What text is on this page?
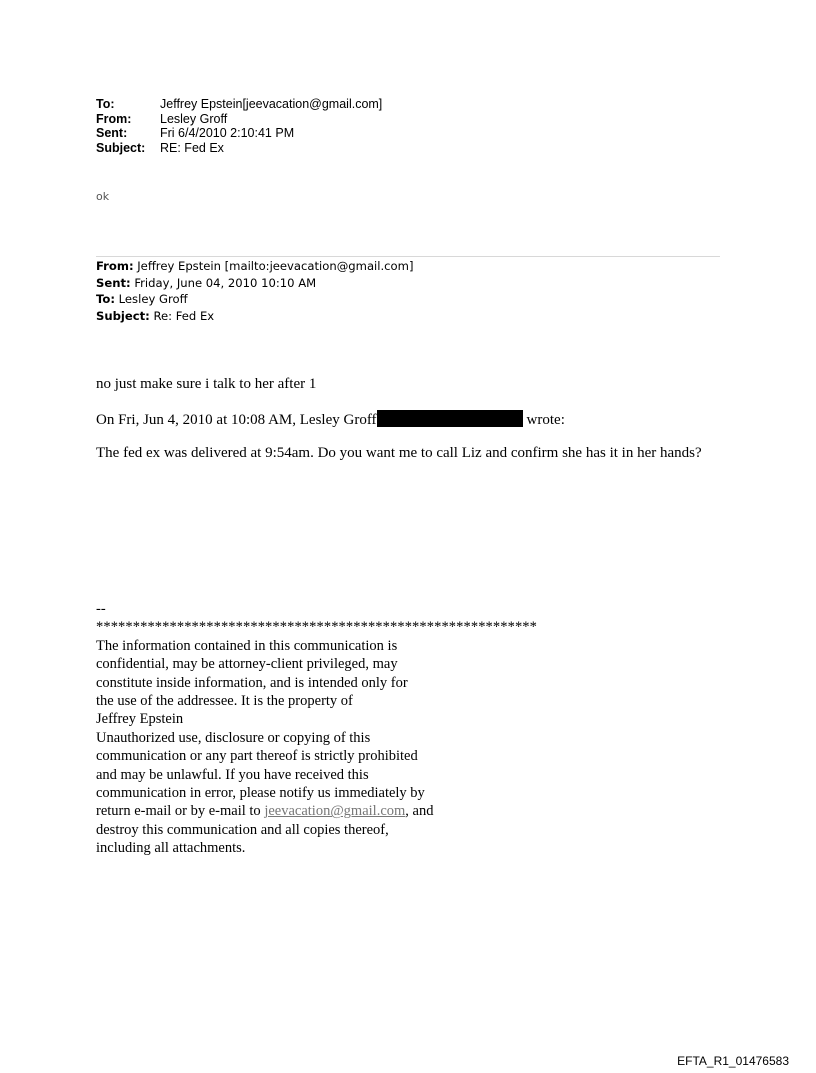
To:	Jeffrey Epstein[jeevacation@gmail.com]
From:	Lesley Groff
Sent:	Fri 6/4/2010 2:10:41 PM
Subject:	RE: Fed Ex
ok
From: Jeffrey Epstein [mailto:jeevacation@gmail.com]
Sent: Friday, June 04, 2010 10:10 AM
To: Lesley Groff
Subject: Re: Fed Ex

no just make sure i talk to her after 1

On Fri, Jun 4, 2010 at 10:08 AM, Lesley Groff	wrote:

The fed ex was delivered at 9:54am. Do you want me to call Liz and confirm she has it in her hands?

--
************************************************************
The information contained in this communication is
confidential, may be attorney-client privileged, may
constitute inside information, and is intended only for
the use of the addressee. It is the property of
Jeffrey Epstein
Unauthorized use, disclosure or copying of this
communication or any part thereof is strictly prohibited
and may be unlawful. If you have received this
communication in error, please notify us immediately by
return e-mail or by e-mail to jeevacation@gmail.com, and
destroy this communication and all copies thereof,
including all attachments.
EFTA_R1_01476583
